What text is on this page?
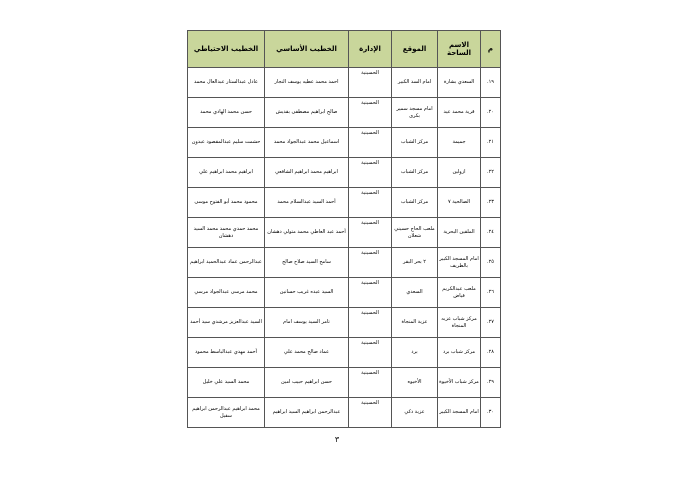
م	الاسم الساحة	الموقع	الإدارة	الخطيب الأساسي	الخطيب الاحتياطي
١٩.	السعدي بشارة	امام السد الكبير	الحسينية	احمد محمد عطيه يوسف النجار	عادل عبدالستار عبدالعال محمد
٢٠.	قرية محمد عيد	امام مسجد سمير بكرى	الحسينية	صالح ابراهيم مصطفى بقديش	حسن محمد الهادي محمد
٢١.	جميمة	مركز الشباب	الحسينية	اسماعيل محمد عبدالجواد محمد	حشمت سليم عبدالمقصود عبدون
٢٢.	ازولين	مركز الشباب	الحسينية	ابراهيم محمد ابراهيم الشافعي	ابراهيم محمد ابراهيم علي
٢٣.	الصالحية ٧	مركز الشباب	الحسينية	أحمد السيد عبدالسلام محمد	محمود محمد أبو الفتوح موسى
٢٤.	الملقين البحرية	ملعب الحاج حسيني شعلان	الحسينية	أحمد عبد العاطي محمد متولي دهشان	محمد حمدي محمد محمد السيد دهشان
٢٥.	امام المسجد الكبير بالطريف	٢ بحر البقر	الحسينية	سامح السيد صلاح صالح	عبدالرحمن عماد عبدالحميد ابراهيم
٢٦.	ملعب عبدالكريم فياض	السعدي	الحسينية	السيد عبده غريب حسانين	محمد مرسى عبدالجواد مرسي
٢٧.	مركز شباب عزبه المنجاة	عزبة المنجاة	الحسينية	تامر السيد يوسف امام	السيد عبدالعزيز مرشدي سيد أحمد
٢٨.	مركز شباب برد	برد	الحسينية	عماد صالح محمد علي	أحمد مهدي عبدالباسط محمود
٢٩.	مركز شباب الأخيوة	الأخيوه	الحسينية	حسن ابراهيم حبيب امين	محمد السيد علي خليل
٣٠.	امام المسجد الكبير	عزبة ذكي	الحسينية	عبدالرحمن ابراهيم السيد ابراهيم	محمد ابراهيم عبدالرحمن ابراهيم سقيل
٣
